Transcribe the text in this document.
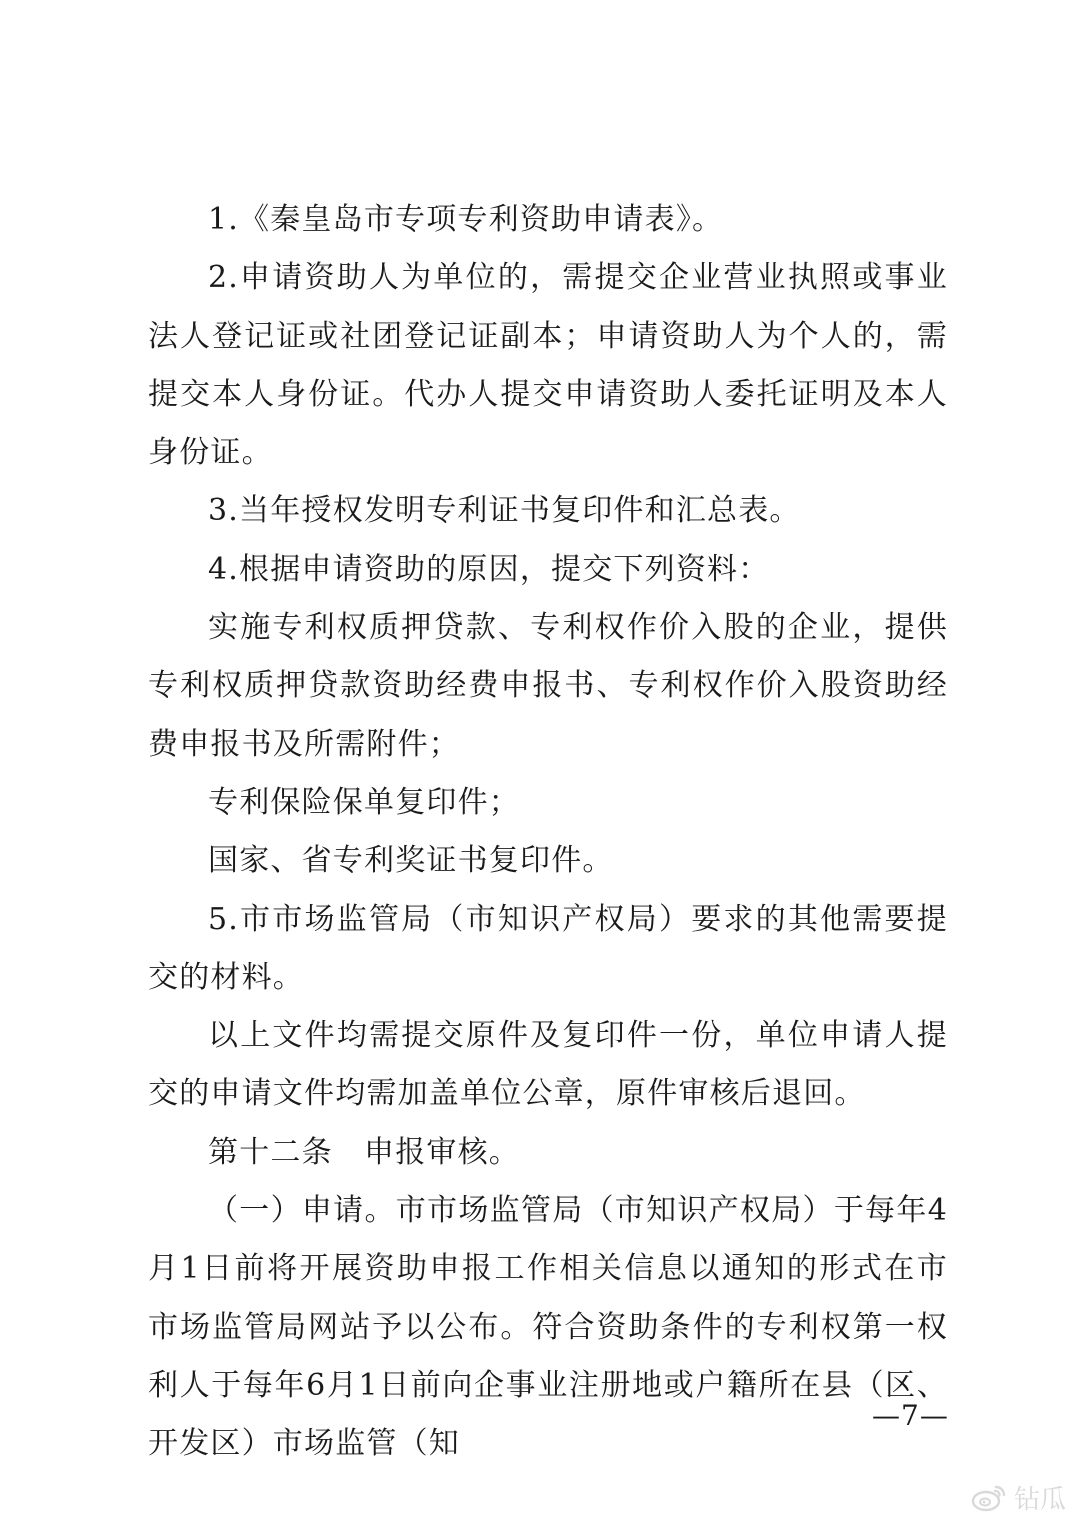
1.《秦皇岛市专项专利资助申请表》。

2.申请资助人为单位的，需提交企业营业执照或事业法人登记证或社团登记证副本；申请资助人为个人的，需提交本人身份证。代办人提交申请资助人委托证明及本人身份证。

3.当年授权发明专利证书复印件和汇总表。

4.根据申请资助的原因，提交下列资料：

实施专利权质押贷款、专利权作价入股的企业，提供专利权质押贷款资助经费申报书、专利权作价入股资助经费申报书及所需附件；

专利保险保单复印件；

国家、省专利奖证书复印件。

5.市市场监管局（市知识产权局）要求的其他需要提交的材料。

以上文件均需提交原件及复印件一份，单位申请人提交的申请文件均需加盖单位公章，原件审核后退回。

第十二条　申报审核。

（一）申请。市市场监管局（市知识产权局）于每年4月1日前将开展资助申报工作相关信息以通知的形式在市市场监管局网站予以公布。符合资助条件的专利权第一权利人于每年6月1日前向企事业注册地或户籍所在县（区、开发区）市场监管（知

—7—
钻瓜
